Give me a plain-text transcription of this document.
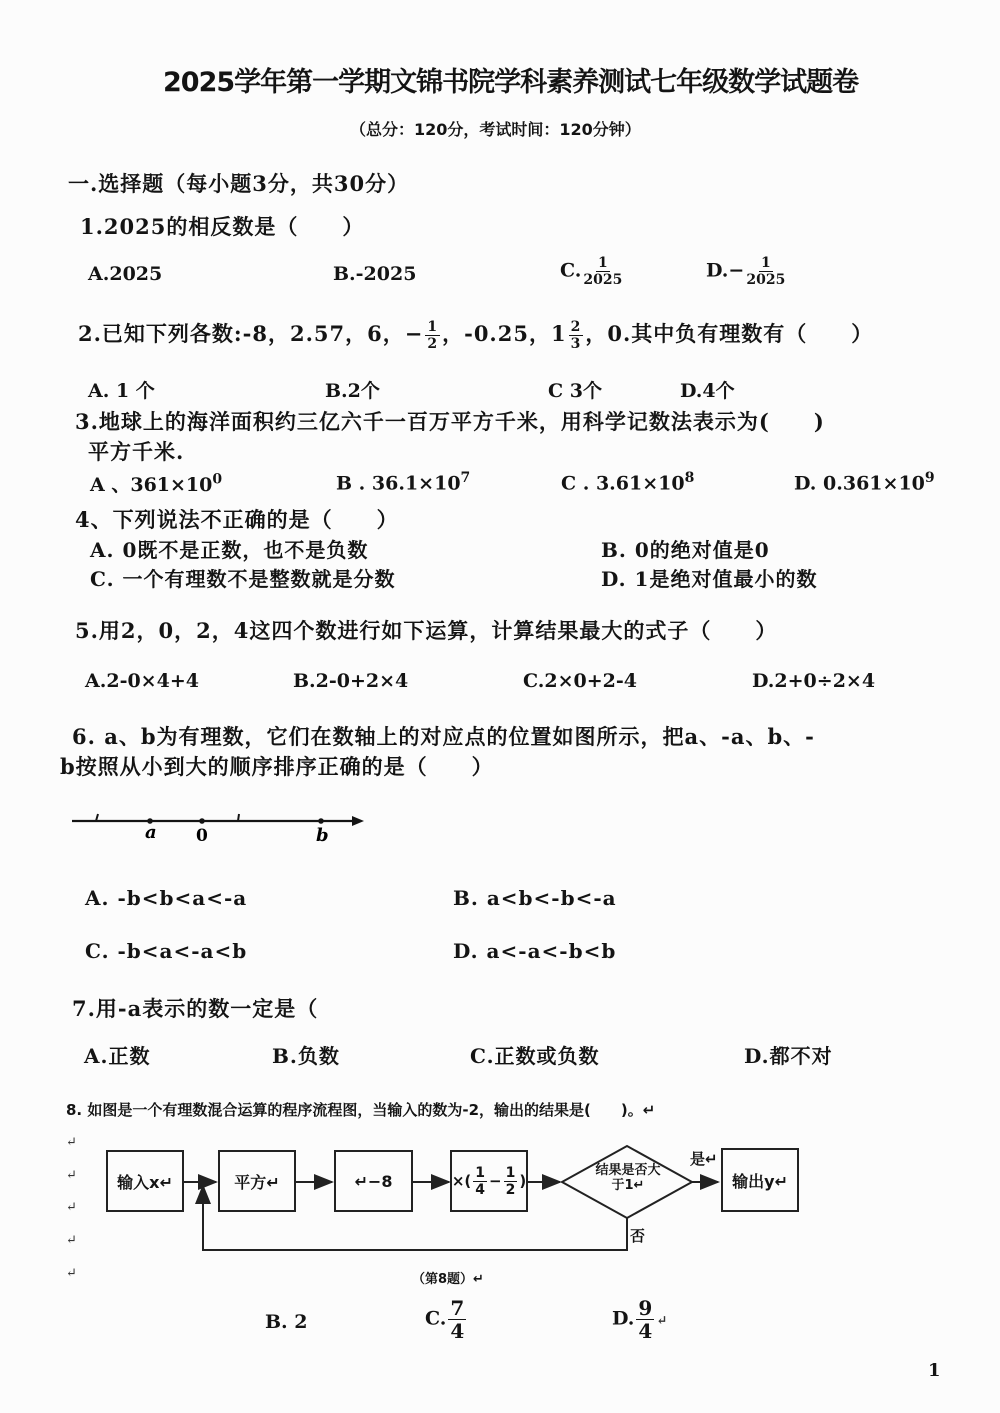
2025学年第一学期文锦书院学科素养测试七年级数学试题卷
（总分：120分，考试时间：120分钟）
一.选择题（每小题3分，共30分）
1.2025的相反数是（　　）
A.2025	B.-2025	C. $\frac{1}{2025}$	$D.- \frac{1}{2025}$
2.已知下列各数:-8，2.57，6，− $\frac{1}{2}$ ，-0.25，$1 \frac{2}{3}$ ，0.其中负有理数有（　　）
A. 1 个	B.2个	C 3个	D.4个
3.地球上的海洋面积约三亿六千一百万平方千米，用科学记数法表示为(　　)
平方千米.
A 、$361\times 10^0$	B . $36.1\times 10^7$	C . $3.61\times 10^8$	D. $0.361\times 10^9$
4、下列说法不正确的是（　　）
A. 0既不是正数，也不是负数	B. 0的绝对值是0
C. 一个有理数不是整数就是分数	D. 1是绝对值最小的数
5.用2，0，2，4这四个数进行如下运算，计算结果最大的式子（　　）
A.2-0×4+4	B.2-0+2×4	C.2×0+2-4	D.2+0÷2×4
6. a、b为有理数，它们在数轴上的对应点的位置如图所示，把a、-a、b、-
b按照从小到大的顺序排序正确的是（　　）
a 0	b
A. -b<b<a<-a	B. a<b<-b<-a
C. -b<a<-a<b	D. a<-a<-b<b
7.用-a表示的数一定是（
A.正数	B.负数	C.正数或负数	D.都不对
8. 如图是一个有理数混合运算的程序流程图，当输入的数为-2，输出的结果是(　　)。↵
↵
↵
↵
↵
↵
输入x↵	平方↵	↵−8	×( $\frac{1}{4} - \frac{1}{2}$ )
结果是否大于1↵
是↵
否
输出y↵
（第8题）↵
B. 2	C. $\frac{7}{4}$	D. $\frac{9}{4}$ ↵
1
